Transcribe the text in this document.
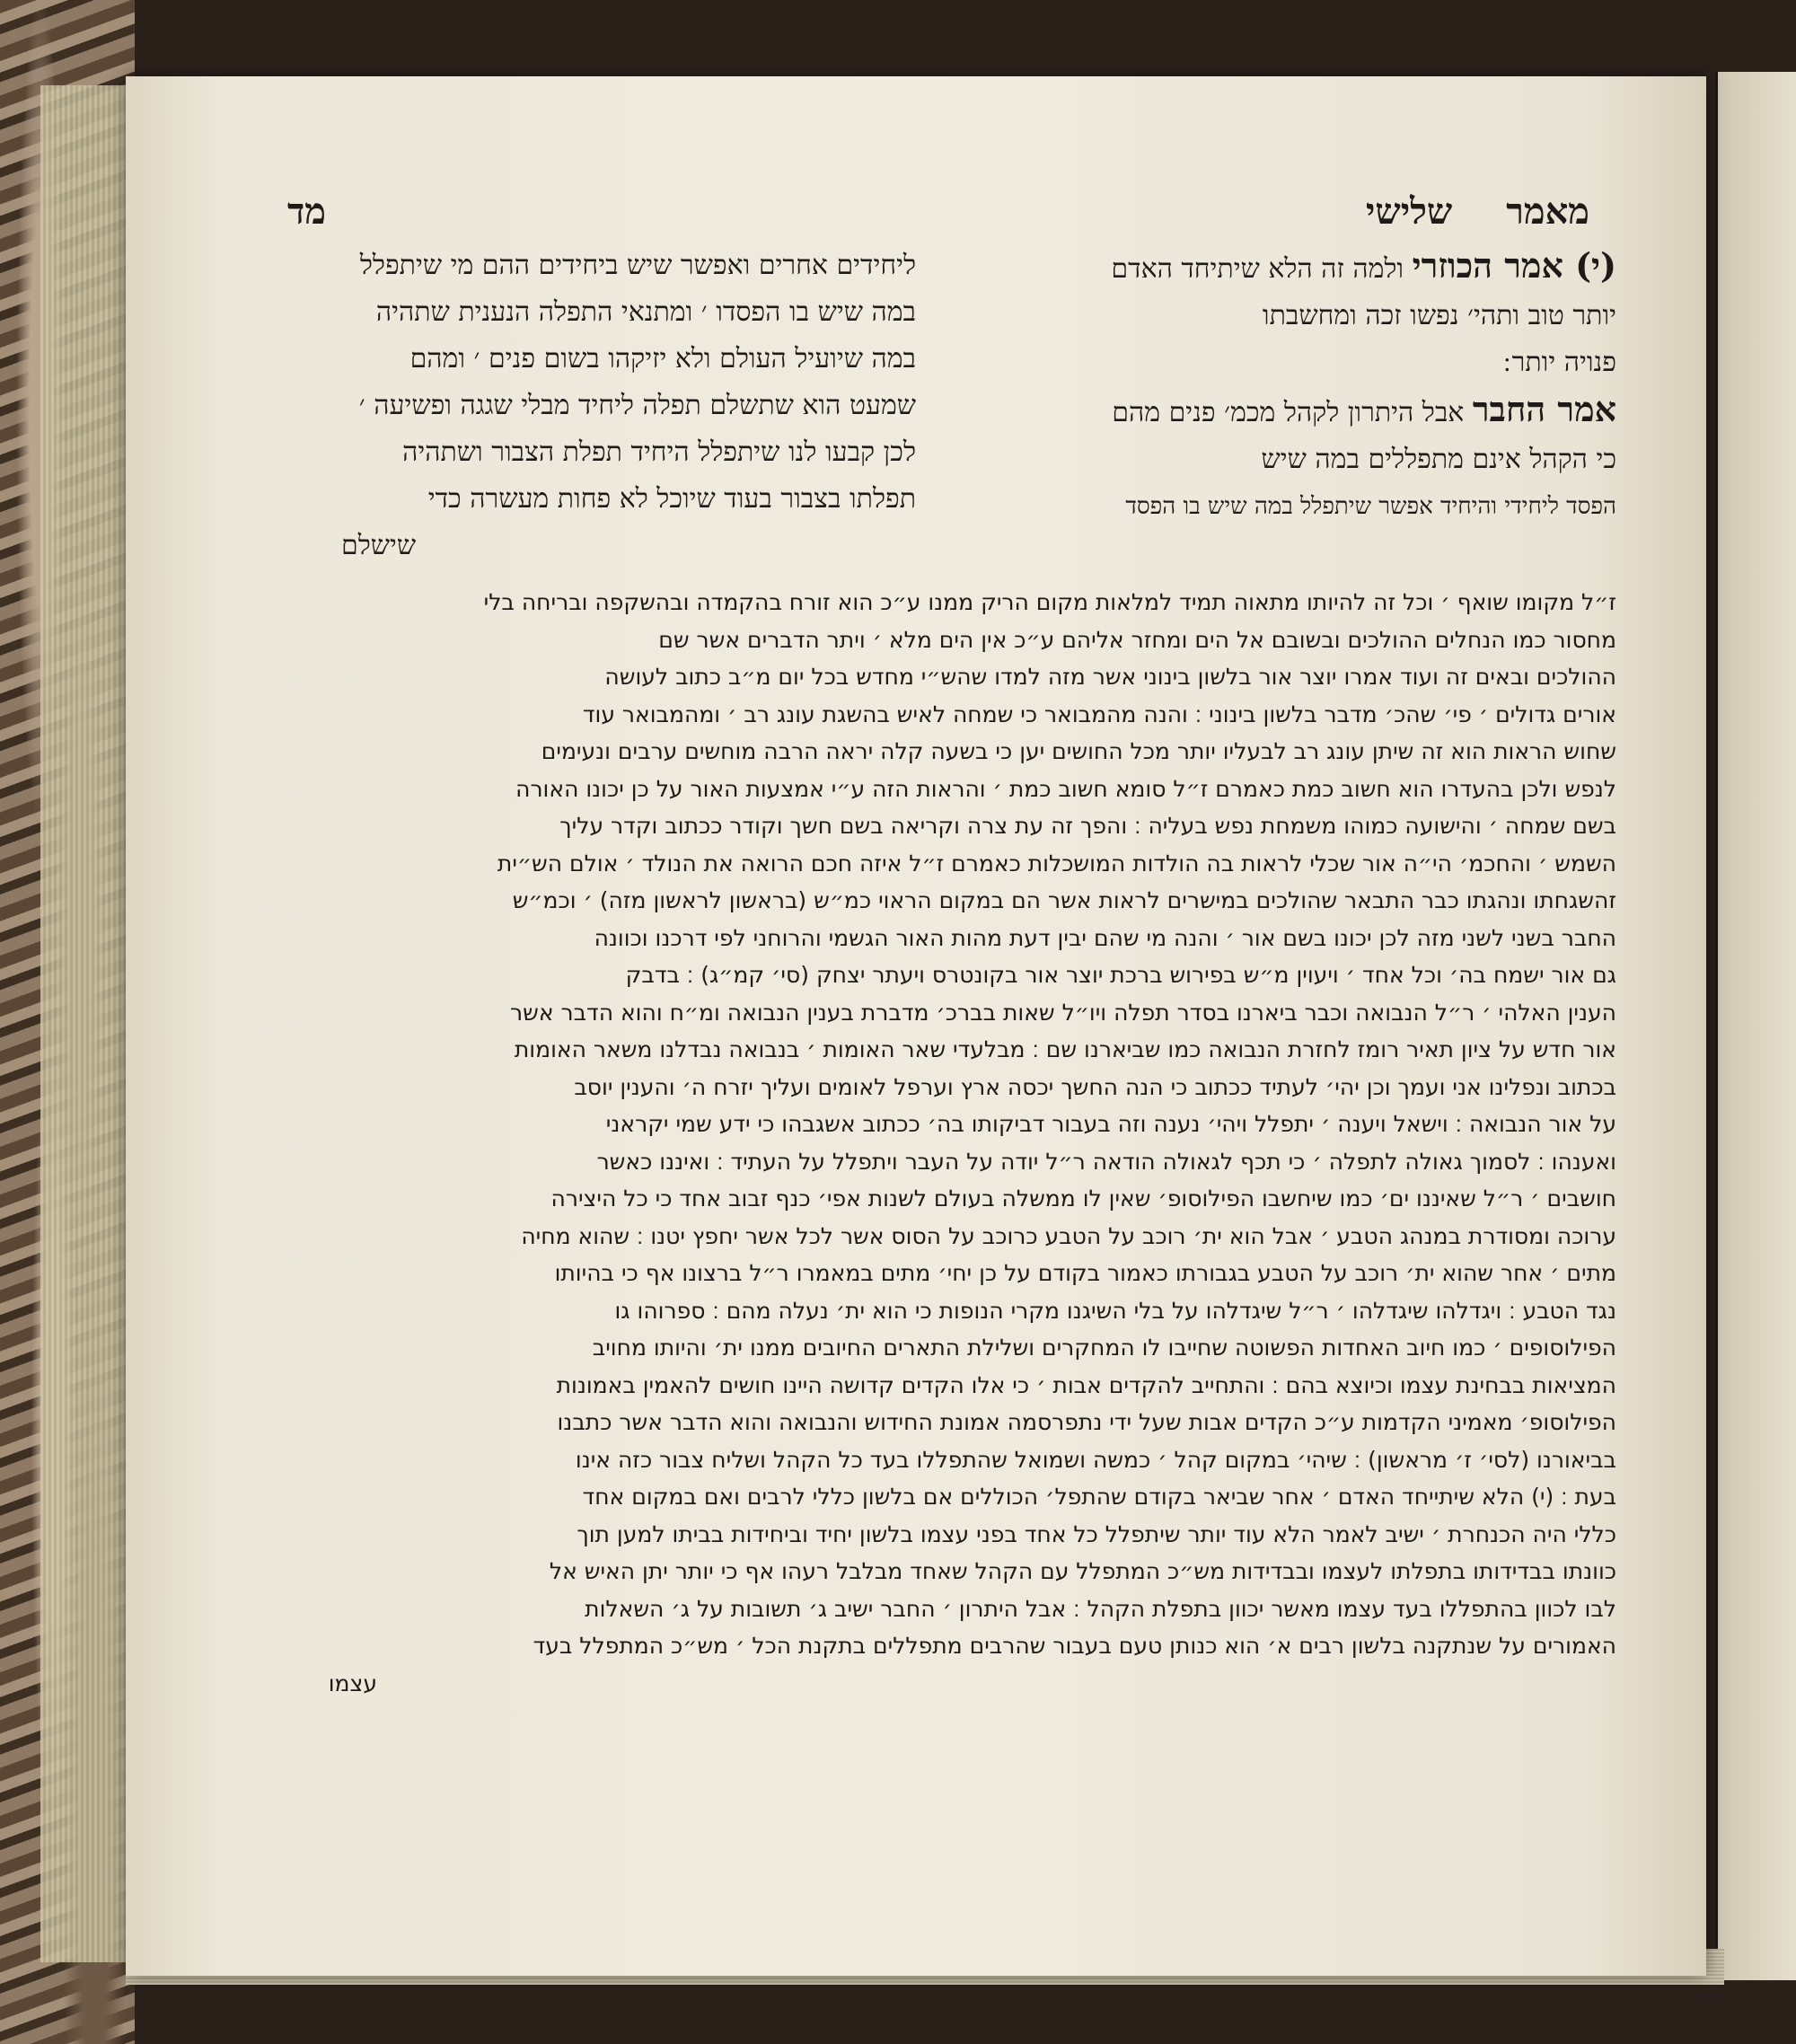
מד	שלישי מאמר
(י) אמר הכוזרי ולמה זה הלא שיתיחד האדם
יותר טוב ותהי׳ נפשו זכה ומחשבתו
פנויה יותר ׃
אמר החבר אבל היתרון לקהל מכמ׳ פנים מהם
כי הקהל אינם מתפללים במה שיש
הפסד ליחידי והיחיד אפשר שיתפלל במה שיש בו הפסד
ליחידים אחרים ואפשר שיש ביחידים ההם מי שיתפלל
במה שיש בו הפסדו ׳ ומתנאי התפלה הנענית שתהיה
במה שיועיל העולם ולא יזיקהו בשום פנים ׳ ומהם
שמעט הוא שתשלם תפלה ליחיד מבלי שגגה ופשיעה ׳
לכן קבעו לנו שיתפלל היחיד תפלת הצבור ושתהיה
תפלתו בצבור בעוד שיוכל לא פחות מעשרה כדי
שישלם
ז״ל מקומו שואף ׳ וכל זה להיותו מתאוה תמיד למלאות מקום הריק ממנו ע״כ הוא זורח בהקמדה ובהשקפה ובריחה בלי
מחסור כמו הנחלים ההולכים ובשובם אל הים ומחזר אליהם ע״כ אין הים מלא ׳ ויתר הדברים אשר שם
ההולכים ובאים זה ועוד אמרו יוצר אור בלשון בינוני אשר מזה למדו שהש״י מחדש בכל יום מ״ב כתוב לעושה
אורים גדולים ׳ פי׳ שהכ׳ מדבר בלשון בינוני ׃ והנה מהמבואר כי שמחה לאיש בהשגת עונג רב ׳ ומהמבואר עוד
שחוש הראות הוא זה שיתן עונג רב לבעליו יותר מכל החושים יען כי בשעה קלה יראה הרבה מוחשים ערבים ונעימים
לנפש ולכן בהעדרו הוא חשוב כמת כאמרם ז״ל סומא חשוב כמת ׳ והראות הזה ע״י אמצעות האור על כן יכונו האורה
בשם שמחה ׳ והישועה כמוהו משמחת נפש בעליה ׃ והפך זה עת צרה וקריאה בשם חשך וקודר ככתוב וקדר עליך
השמש ׳ והחכמ׳ הי״ה אור שכלי לראות בה הולדות המושכלות כאמרם ז״ל איזה חכם הרואה את הנולד ׳ אולם הש״ית
זהשגחתו ונהגתו כבר התבאר שהולכים במישרים לראות אשר הם במקום הראוי כמ״ש (בראשון לראשון מזה) ׳ וכמ״ש
החבר בשני לשני מזה לכן יכונו בשם אור ׳ והנה מי שהם יבין דעת מהות האור הגשמי והרוחני לפי דרכנו וכוונה
גם אור ישמח בה׳ וכל אחד ׳ ויעוין מ״ש בפירוש ברכת יוצר אור בקונטרס ויעתר יצחק (סי׳ קמ״ג) ׃ בדבק
הענין האלהי ׳ ר״ל הנבואה וכבר ביארנו בסדר תפלה ויו״ל שאות בברכ׳ מדברת בענין הנבואה ומ״ח והוא הדבר אשר
אור חדש על ציון תאיר רומז לחזרת הנבואה כמו שביארנו שם ׃ מבלעדי שאר האומות ׳ בנבואה נבדלנו משאר האומות
בכתוב ונפלינו אני ועמך וכן יהי׳ לעתיד ככתוב כי הנה החשך יכסה ארץ וערפל לאומים ועליך יזרח ה׳ והענין יוסב
על אור הנבואה ׃ וישאל ויענה ׳ יתפלל ויהי׳ נענה וזה בעבור דביקותו בה׳ ככתוב אשגבהו כי ידע שמי יקראני
ואענהו ׃ לסמוך גאולה לתפלה ׳ כי תכף לגאולה הודאה ר״ל יודה על העבר ויתפלל על העתיד ׃ ואיננו כאשר
חושבים ׳ ר״ל שאיננו ים׳ כמו שיחשבו הפילוסופ׳ שאין לו ממשלה בעולם לשנות אפי׳ כנף זבוב אחד כי כל היצירה
ערוכה ומסודרת במנהג הטבע ׳ אבל הוא ית׳ רוכב על הטבע כרוכב על הסוס אשר לכל אשר יחפץ יטנו ׃ שהוא מחיה
מתים ׳ אחר שהוא ית׳ רוכב על הטבע בגבורתו כאמור בקודם על כן יחי׳ מתים במאמרו ר״ל ברצונו אף כי בהיותו
נגד הטבע ׃ ויגדלהו שיגדלהו ׳ ר״ל שיגדלהו על בלי השיגנו מקרי הנופות כי הוא ית׳ נעלה מהם ׃ ספרוהו גו
הפילוסופים ׳ כמו חיוב האחדות הפשוטה שחייבו לו המחקרים ושלילת התארים החיובים ממנו ית׳ והיותו מחויב
המציאות בבחינת עצמו וכיוצא בהם ׃ והתחייב להקדים אבות ׳ כי אלו הקדים קדושה היינו חושים להאמין באמונות
הפילוסופ׳ מאמיני הקדמות ע״כ הקדים אבות שעל ידי נתפרסמה אמונת החידוש והנבואה והוא הדבר אשר כתבנו
בביאורנו (לסי׳ ז׳ מראשון) ׃ שיהי׳ במקום קהל ׳ כמשה ושמואל שהתפללו בעד כל הקהל ושליח צבור כזה אינו
בעת ׃ (י) הלא שיתייחד האדם ׳ אחר שביאר בקודם שהתפל׳ הכוללים אם בלשון כללי לרבים ואם במקום אחד
כללי היה הכנחרת ׳ ישיב לאמר הלא עוד יותר שיתפלל כל אחד בפני עצמו בלשון יחיד וביחידות בביתו למען תוך
כוונתו בבדידותו בתפלתו לעצמו ובבדידות מש״כ המתפלל עם הקהל שאחד מבלבל רעהו אף כי יותר יתן האיש אל
לבו לכוון בהתפללו בעד עצמו מאשר יכוון בתפלת הקהל ׃ אבל היתרון ׳ החבר ישיב ג׳ תשובות על ג׳ השאלות
האמורים על שנתקנה בלשון רבים א׳ הוא כנותן טעם בעבור שהרבים מתפללים בתקנת הכל ׳ מש״כ המתפלל בעד
עצמו
